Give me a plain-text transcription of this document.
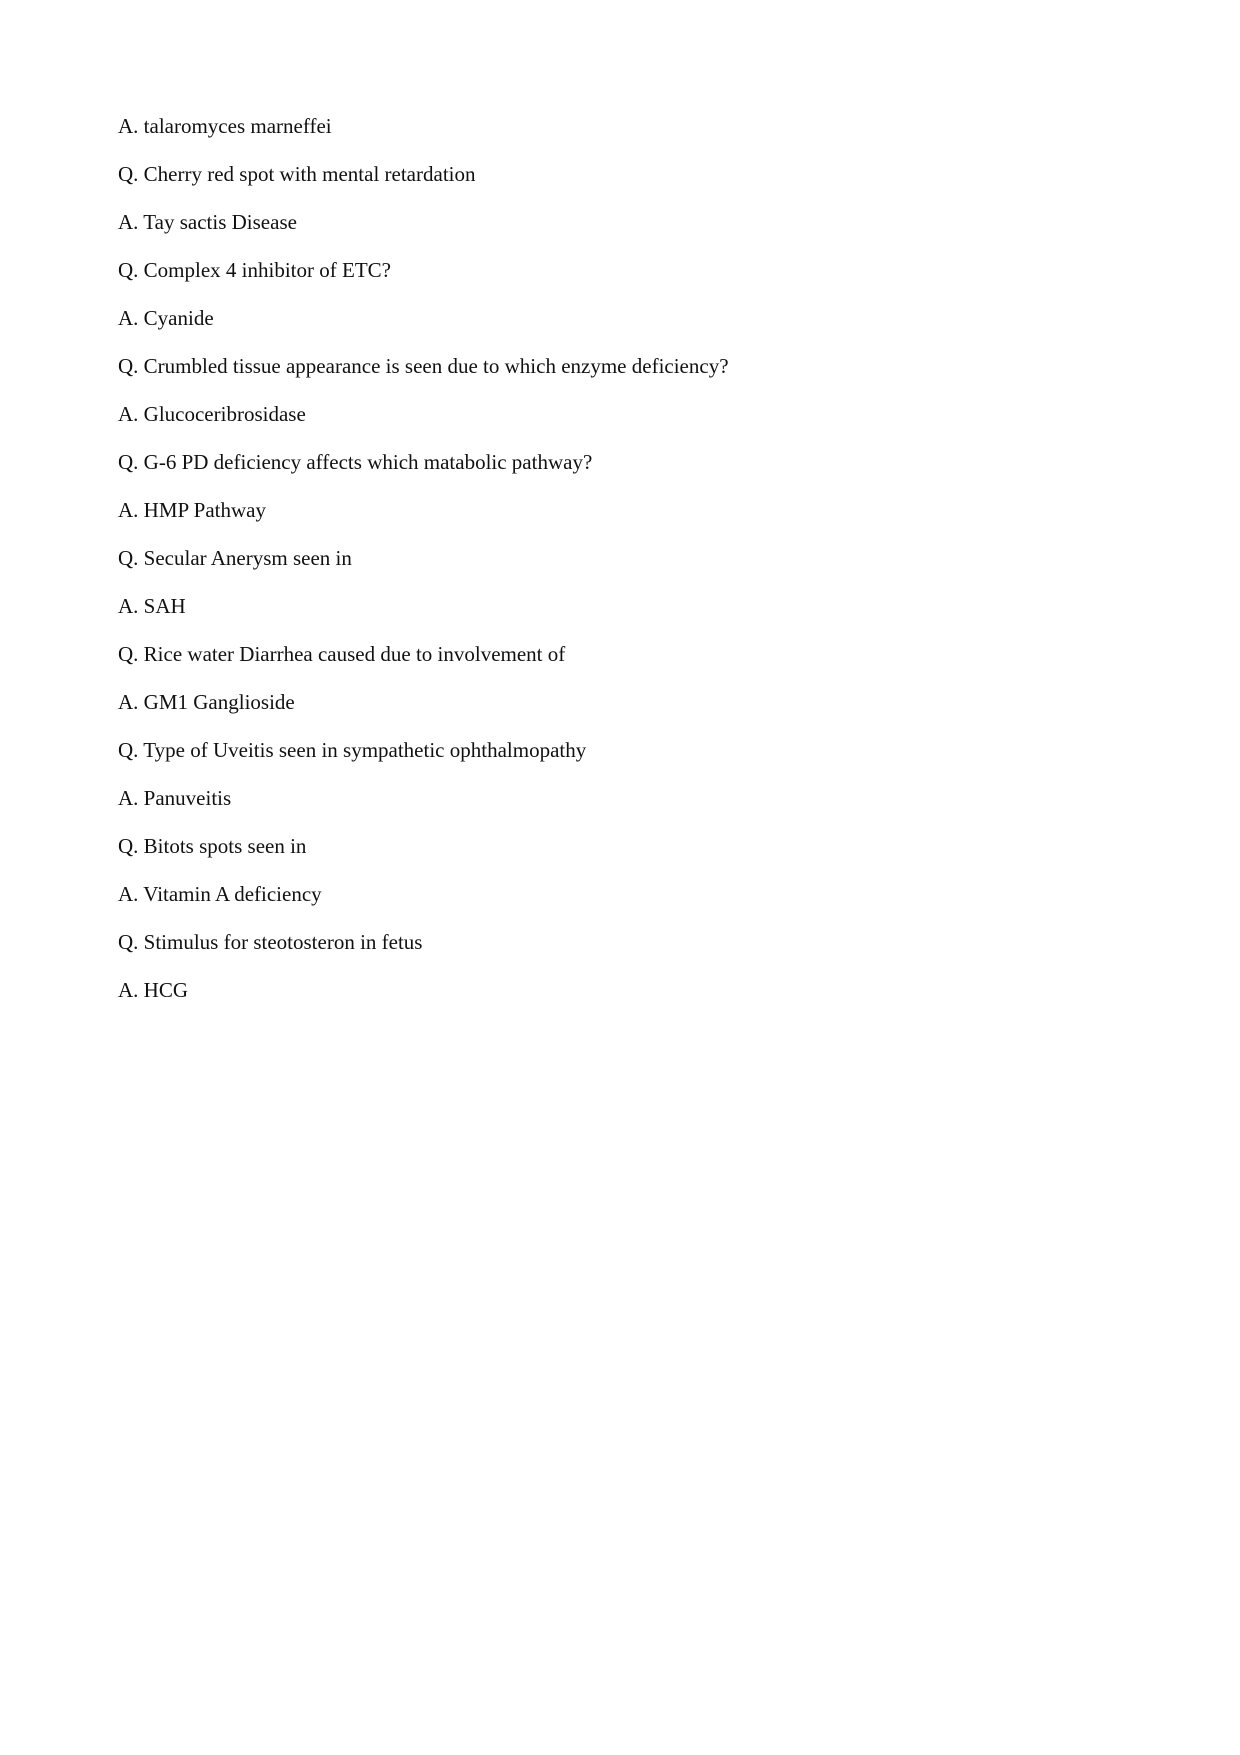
A. talaromyces marneffei
Q. Cherry red spot with mental retardation
A. Tay sactis Disease
Q. Complex 4 inhibitor of ETC?
A. Cyanide
Q. Crumbled tissue appearance is seen due to which enzyme deficiency?
A. Glucoceribrosidase
Q. G-6 PD deficiency affects which matabolic pathway?
A. HMP Pathway
Q. Secular Anerysm seen in
A. SAH
Q. Rice water Diarrhea caused due to involvement of
A. GM1 Ganglioside
Q. Type of Uveitis seen in sympathetic ophthalmopathy
A. Panuveitis
Q. Bitots spots seen in
A. Vitamin A deficiency
Q. Stimulus for steotosteron in fetus
A. HCG
